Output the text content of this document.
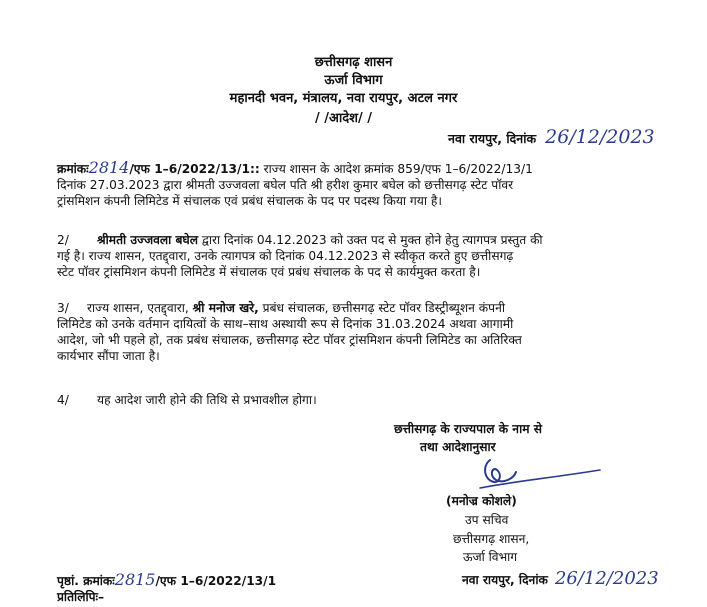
छत्तीसगढ़ शासन
ऊर्जा विभाग
महानदी भवन, मंत्रालय, नवा रायपुर, अटल नगर
/ /आदेश/ /
नवा रायपुर, दिनांक 26/12/2023
क्रमांकः2814/एफ 1–6/2022/13/1:: राज्य शासन के आदेश क्रमांक 859/एफ 1–6/2022/13/1
दिनांक 27.03.2023 द्वारा श्रीमती उज्जवला बघेल पति श्री हरीश कुमार बघेल को छत्तीसगढ़ स्टेट पॉवर
ट्रांसमिशन कंपनी लिमिटेड में संचालक एवं प्रबंध संचालक के पद पर पदस्थ किया गया है।
2/ श्रीमती उज्जवला बघेल द्वारा दिनांक 04.12.2023 को उक्त पद से मुक्त होने हेतु त्यागपत्र प्रस्तुत की
गई है। राज्य शासन, एतद्द्वारा, उनके त्यागपत्र को दिनांक 04.12.2023 से स्वीकृत करते हुए छत्तीसगढ़
स्टेट पॉवर ट्रांसमिशन कंपनी लिमिटेड में संचालक एवं प्रबंध संचालक के पद से कार्यमुक्त करता है।
3/ राज्य शासन, एतद्द्वारा, श्री मनोज खरे, प्रबंध संचालक, छत्तीसगढ़ स्टेट पॉवर डिस्ट्रीब्यूशन कंपनी
लिमिटेड को उनके वर्तमान दायित्वों के साथ–साथ अस्थायी रूप से दिनांक 31.03.2024 अथवा आगामी
आदेश, जो भी पहले हो, तक प्रबंध संचालक, छत्तीसगढ़ स्टेट पॉवर ट्रांसमिशन कंपनी लिमिटेड का अतिरिक्त
कार्यभार सौंपा जाता है।
4/ यह आदेश जारी होने की तिथि से प्रभावशील होगा।
छत्तीसगढ़ के राज्यपाल के नाम से
तथा आदेशानुसार
(मनोज्र कोशले)
उप सचिव
छत्तीसगढ़ शासन,
ऊर्जा विभाग
पृष्ठां. क्रमांकः2815/एफ 1–6/2022/13/1	नवा रायपुर, दिनांक 26/12/2023
प्रतिलिपिः–
